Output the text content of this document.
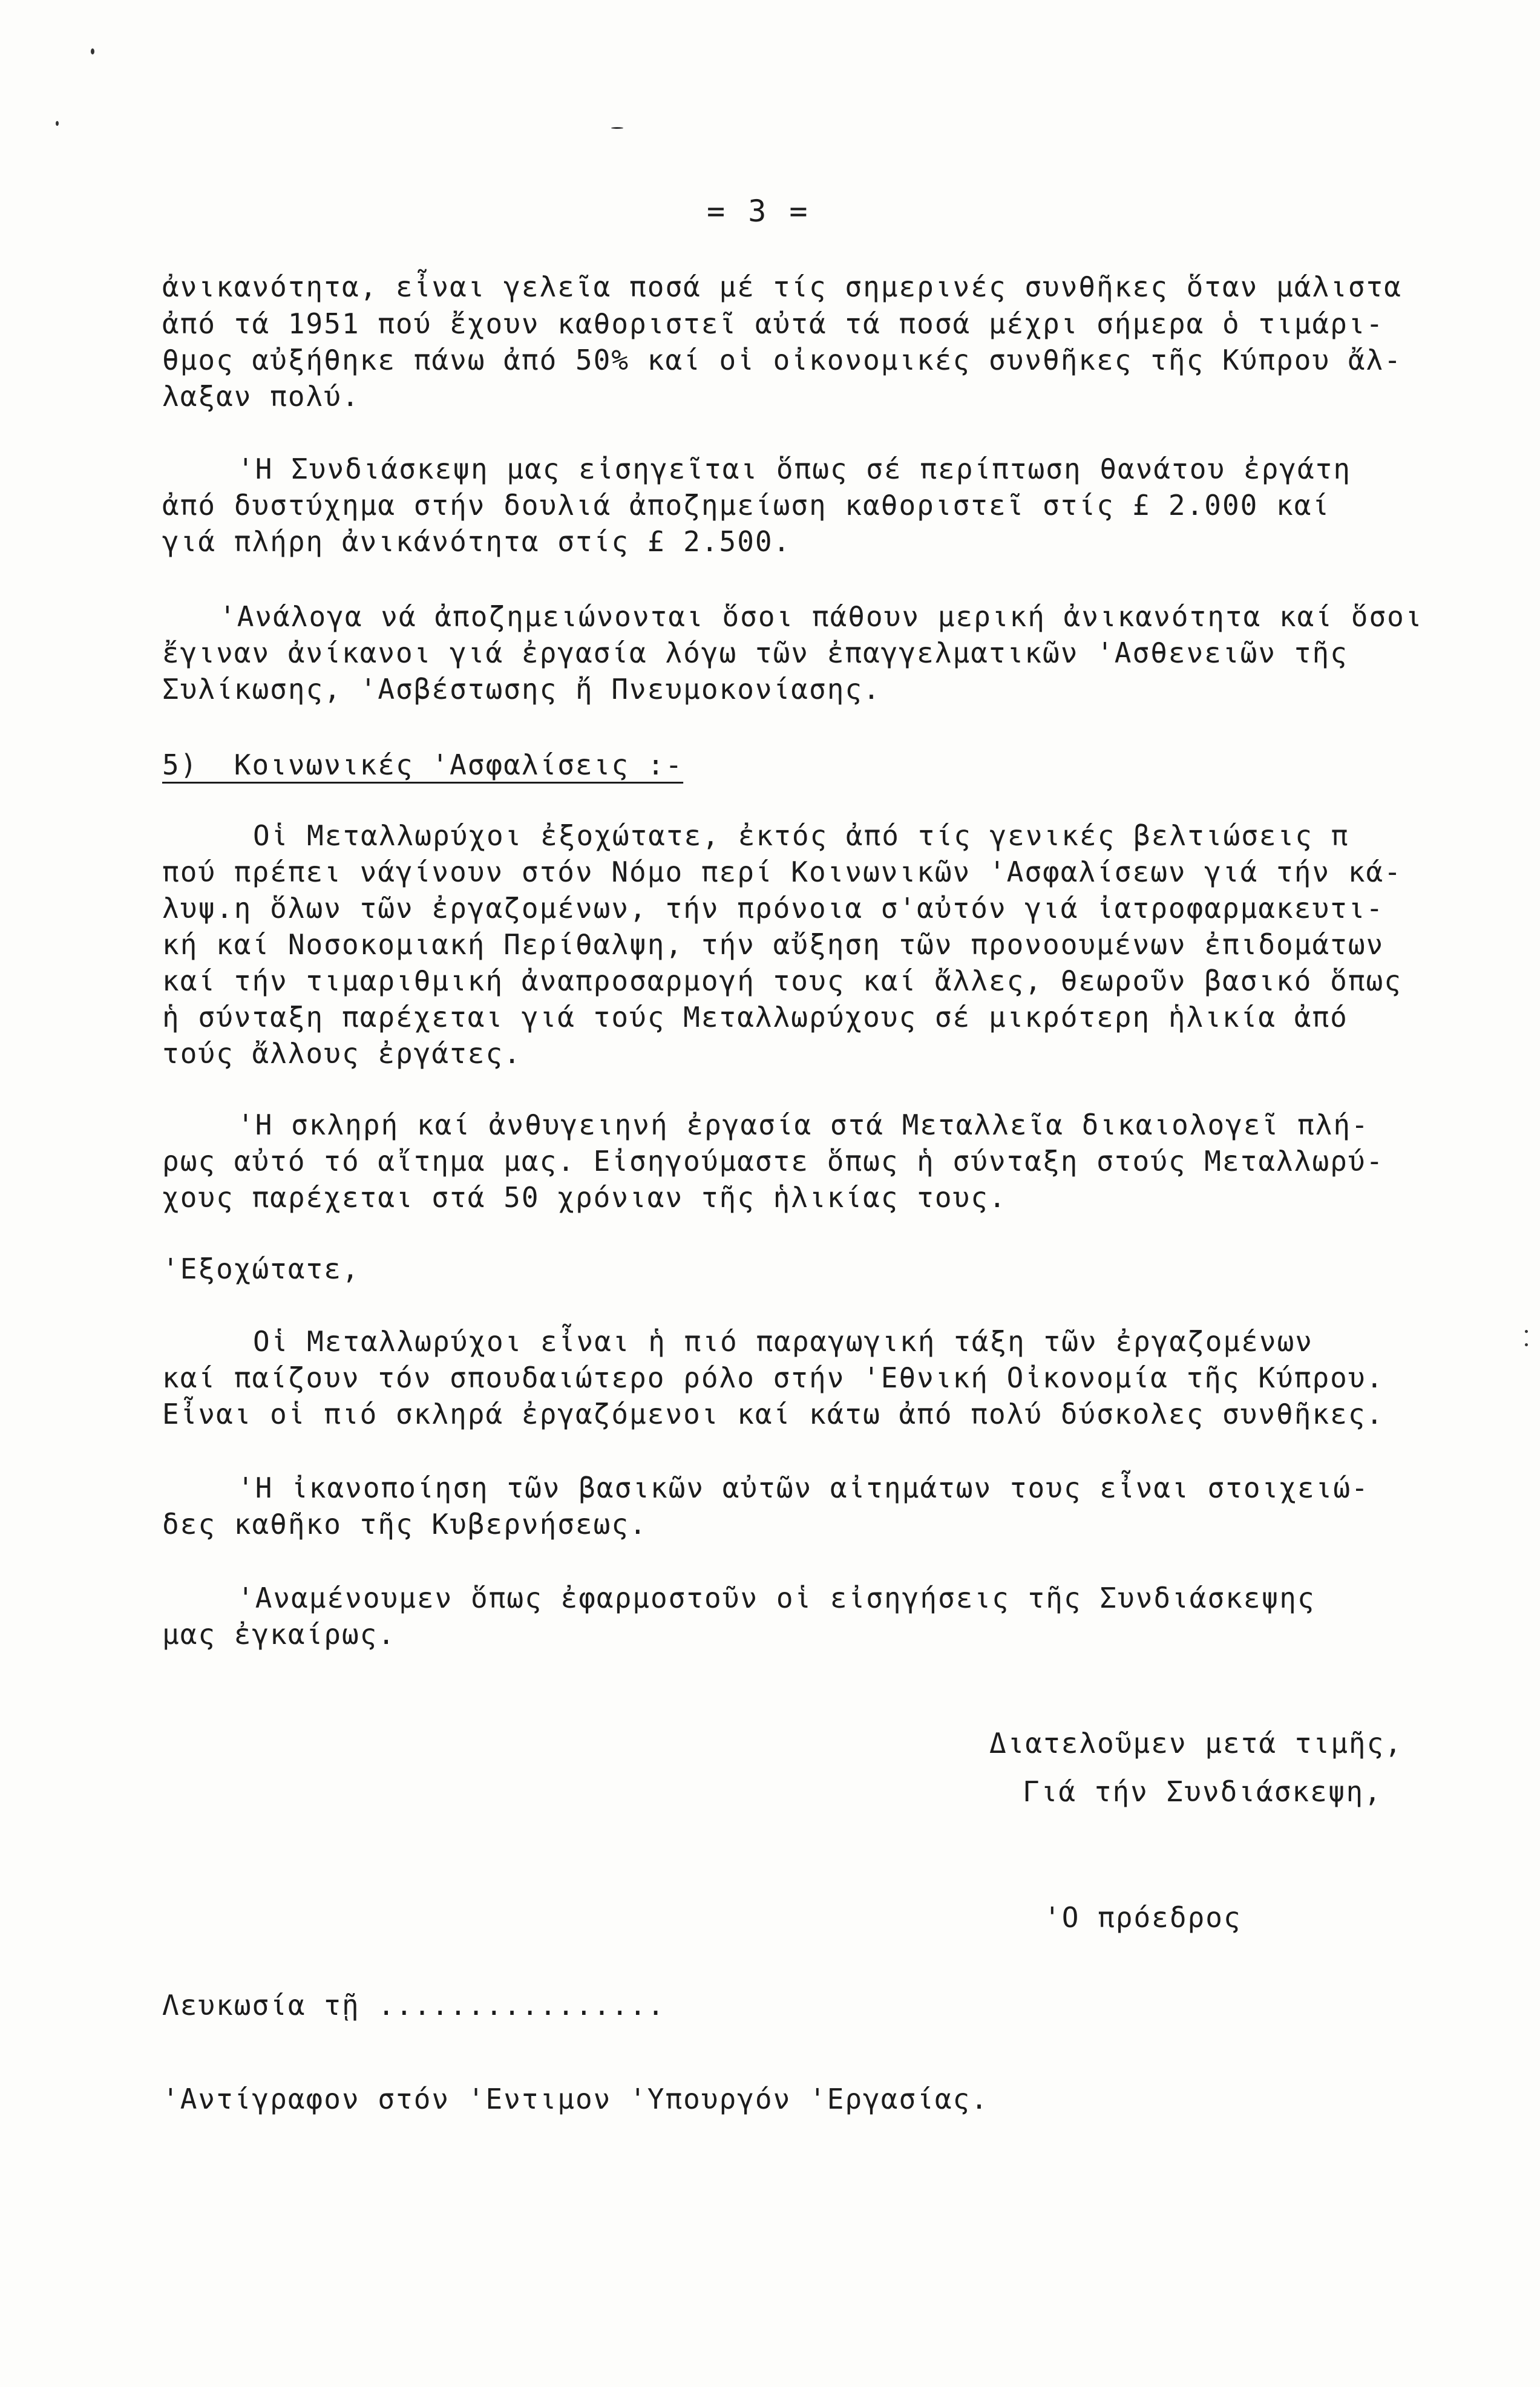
= 3 =
ἀνικανότητα, εἶναι γελεῖα ποσά μέ τίς σημερινές συνθῆκες ὅταν μάλιστα
ἀπό τά 1951 πού ἔχουν καθοριστεῖ αὐτά τά ποσά μέχρι σήμερα ὁ τιμάρι-
θμος αὐξήθηκε πάνω ἀπό 50% καί οἱ οἰκονομικές συνθῆκες τῆς Κύπρου ἄλ-
λαξαν πολύ.
'Η Συνδιάσκεψη μας εἰσηγεῖται ὅπως σέ περίπτωση θανάτου ἐργάτη
ἀπό δυστύχημα στήν δουλιά ἀποζημείωση καθοριστεῖ στίς £ 2.000 καί
γιά πλήρη ἀνικάνότητα στίς £ 2.500.
'Ανάλογα νά ἀποζημειώνονται ὅσοι πάθουν μερική ἀνικανότητα καί ὅσοι
ἔγιναν ἀνίκανοι γιά ἐργασία λόγω τῶν ἐπαγγελματικῶν 'Ασθενειῶν τῆς
Συλίκωσης, 'Ασβέστωσης ἤ Πνευμοκονίασης.
5)  Κοινωνικές 'Ασφαλίσεις :-
Οἱ Μεταλλωρύχοι ἐξοχώτατε, ἐκτός ἀπό τίς γενικές βελτιώσεις π
πού πρέπει νάγίνουν στόν Νόμο περί Κοινωνικῶν 'Ασφαλίσεων γιά τήν κά-
λυψ.η ὅλων τῶν ἐργαζομένων, τήν πρόνοια σ'αὐτόν γιά ἰατροφαρμακευτι-
κή καί Νοσοκομιακή Περίθαλψη, τήν αὔξηση τῶν προνοουμένων ἐπιδομάτων
καί τήν τιμαριθμική ἀναπροσαρμογή τους καί ἄλλες, θεωροῦν βασικό ὅπως
ἡ σύνταξη παρέχεται γιά τούς Μεταλλωρύχους σέ μικρότερη ἡλικία ἀπό
τούς ἄλλους ἐργάτες.
'Η σκληρή καί ἀνθυγειηνή ἐργασία στά Μεταλλεῖα δικαιολογεῖ πλή-
ρως αὐτό τό αἴτημα μας. Εἰσηγούμαστε ὅπως ἡ σύνταξη στούς Μεταλλωρύ-
χους παρέχεται στά 50 χρόνιαν τῆς ἡλικίας τους.
'Εξοχώτατε,
Οἱ Μεταλλωρύχοι εἶναι ἡ πιό παραγωγική τάξη τῶν ἐργαζομένων
καί παίζουν τόν σπουδαιώτερο ρόλο στήν 'Εθνική Οἰκονομία τῆς Κύπρου.
Εἶναι οἱ πιό σκληρά ἐργαζόμενοι καί κάτω ἀπό πολύ δύσκολες συνθῆκες.
'Η ἰκανοποίηση τῶν βασικῶν αὐτῶν αἰτημάτων τους εἶναι στοιχειώ-
δες καθῆκο τῆς Κυβερνήσεως.
'Αναμένουμεν ὅπως ἐφαρμοστοῦν οἱ εἰσηγήσεις τῆς Συνδιάσκεψης
μας ἐγκαίρως.
Διατελοῦμεν μετά τιμῆς,
Γιά τήν Συνδιάσκεψη,
'Ο πρόεδρος
Λευκωσία τῇ ................
'Αντίγραφον στόν 'Εντιμον 'Υπουργόν 'Εργασίας.
